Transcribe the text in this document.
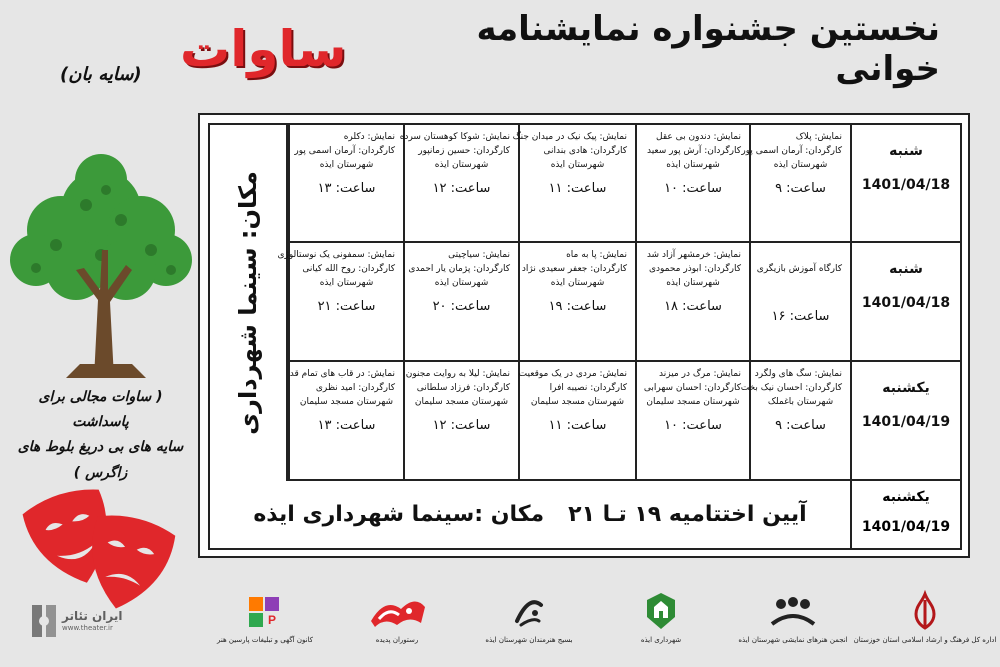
نخستین جشنواره نمایشنامه خوانی
ساوات
(سایه بان)
( ساوات مجالی برای پاسداشت
سایه های بی دریغ بلوط های زاگرس )
مکان: سینما شهرداری
نمایش: دکلره
کارگردان: آرمان اسمی پور
شهرستان ایذه
ساعت: ۱۳
نمایش: شوکا کوهستان سرده
کارگردان: حسین زمانپور
شهرستان ایذه
ساعت: ۱۲
نمایش: پیک نیک در میدان جنگ
کارگردان: هادی بندانی
شهرستان ایذه
ساعت: ۱۱
نمایش: دندون بی عقل
کارگردان: آرش پور سعید
شهرستان ایذه
ساعت: ۱۰
نمایش: پلاک
کارگردان: آرمان اسمی پور
شهرستان ایذه
ساعت: ۹
شنبه
1401/04/18
نمایش: سمفونی یک نوستالوژی
کارگردان: روح الله کیانی
شهرستان ایذه
ساعت: ۲۱
نمایش: سیاچیتی
کارگردان: پژمان یار احمدی
شهرستان ایذه
ساعت: ۲۰
نمایش: پا به ماه
کارگردان: جعفر سعیدی نژاد
شهرستان ایذه
ساعت: ۱۹
نمایش: خرمشهر آزاد شد
کارگردان: ابوذر محمودی
شهرستان ایذه
ساعت: ۱۸
کارگاه آموزش بازیگری
ساعت: ۱۶
شنبه
1401/04/18
نمایش: در قاب های تمام قد
کارگردان: امید نظری
شهرستان مسجد سلیمان
ساعت: ۱۳
نمایش: لیلا به روایت مجنون
کارگردان: فرزاد سلطانی
شهرستان مسجد سلیمان
ساعت: ۱۲
نمایش: مردی در یک موقعیت
کارگردان: نصیبه افرا
شهرستان مسجد سلیمان
ساعت: ۱۱
نمایش: مرگ در میزند
کارگردان: احسان سهرابی
شهرستان مسجد سلیمان
ساعت: ۱۰
نمایش: سگ های ولگرد
کارگردان: احسان نیک بخت
شهرستان باغملک
ساعت: ۹
یکشنبه
1401/04/19
آیین اختتامیه ۱۹ تـا ۲۱
مکان :سینما شهرداری ایذه
یکشنبه
1401/04/19
اداره کل فرهنگ و ارشاد اسلامی استان خوزستان
انجمن هنرهای نمایشی شهرستان ایذه
شهرداری ایذه
بسیج هنرمندان شهرستان ایذه
رستوران پدیده
P
کانون آگهی و تبلیغات پارسین هنر
ایران تئاتر
www.theater.ir
